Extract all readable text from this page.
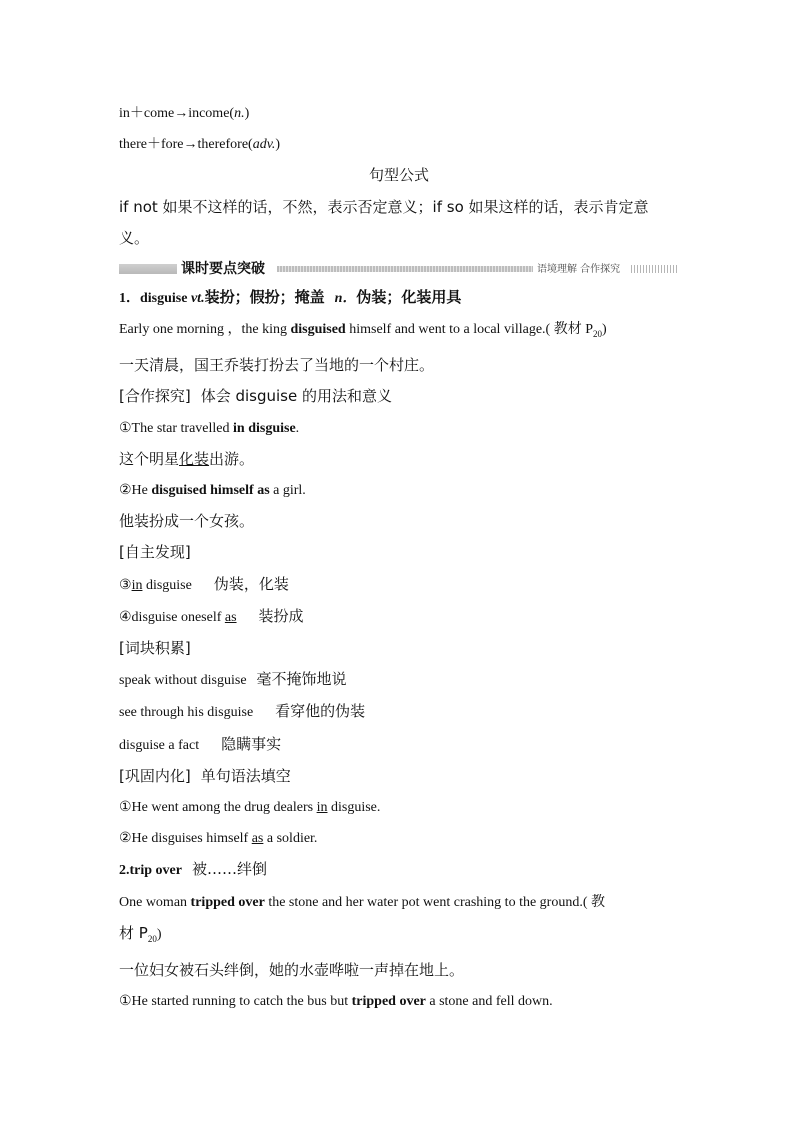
in＋come→income(n.)
there＋fore→therefore(adv.)
句型公式
if not 如果不这样的话，不然，表示否定意义；if so 如果这样的话，表示肯定意
义。
课时要点突破	语境理解 合作探究
1．disguise vt.装扮；假扮；掩盖 n．伪装；化装用具
Early one morning ，the king disguised himself and went to a local village.( 教材 $P_{20}$)
一天清晨，国王乔装打扮去了当地的一个村庄。
[合作探究] 体会 disguise 的用法和意义
①The star travelled in disguise.
这个明星化装出游。
②He disguised himself as a girl.
他装扮成一个女孩。
[自主发现]
③in disguise 伪装，化装
④disguise oneself as 装扮成
[词块积累]
speak without disguise 毫不掩饰地说
see through his disguise 看穿他的伪装
disguise a fact 隐瞒事实
[巩固内化] 单句语法填空
①He went among the drug dealers in disguise.
②He disguises himself as a soldier.
2.trip over 被……绊倒
One woman tripped over the stone and her water pot went crashing to the ground.( 教
材 $P_{20}$)
一位妇女被石头绊倒，她的水壶哗啦一声掉在地上。
①He started running to catch the bus but tripped over a stone and fell down.
